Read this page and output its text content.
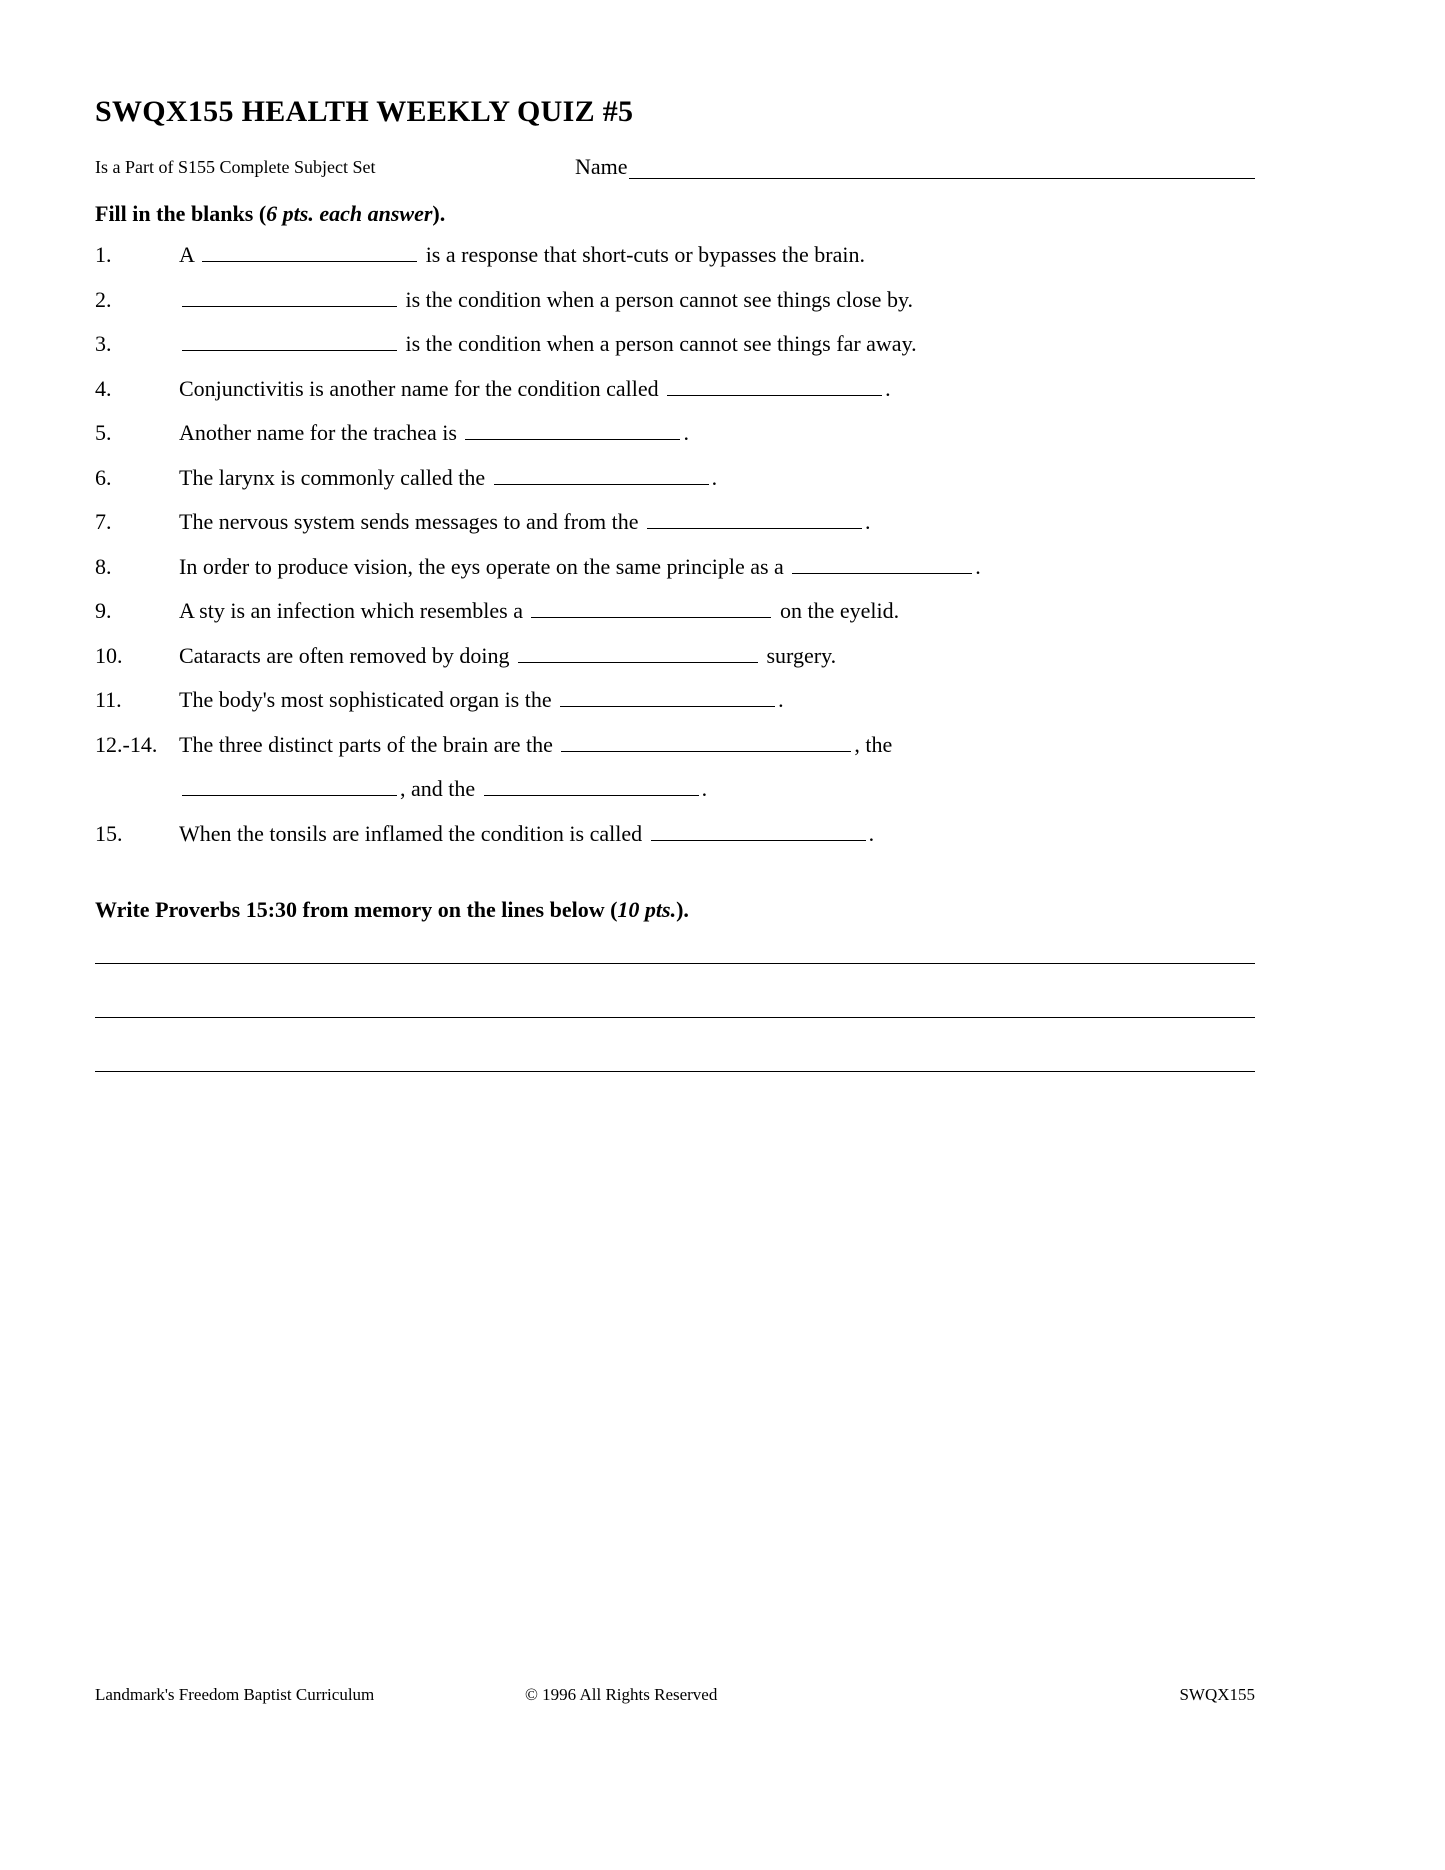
SWQX155 HEALTH WEEKLY QUIZ #5
Is a Part of S155 Complete Subject Set	Name
Fill in the blanks (6 pts. each answer).
1.	A	is a response that short-cuts or bypasses the brain.
2.	is the condition when a person cannot see things close by.
3.	is the condition when a person cannot see things far away.
4.	Conjunctivitis is another name for the condition called	.
5.	Another name for the trachea is	.
6.	The larynx is commonly called the	.
7.	The nervous system sends messages to and from the	.
8.	In order to produce vision, the eys operate on the same principle as a	.
9.	A sty is an infection which resembles a	on the eyelid.
10.	Cataracts are often removed by doing	surgery.
11.	The body's most sophisticated organ is the	.
12.-14. The three distinct parts of the brain are the	, the
, and the	.
15.	When the tonsils are inflamed the condition is called	.
Write Proverbs 15:30 from memory on the lines below (10 pts.).
Landmark's Freedom Baptist Curriculum	© 1996 All Rights Reserved	SWQX155
